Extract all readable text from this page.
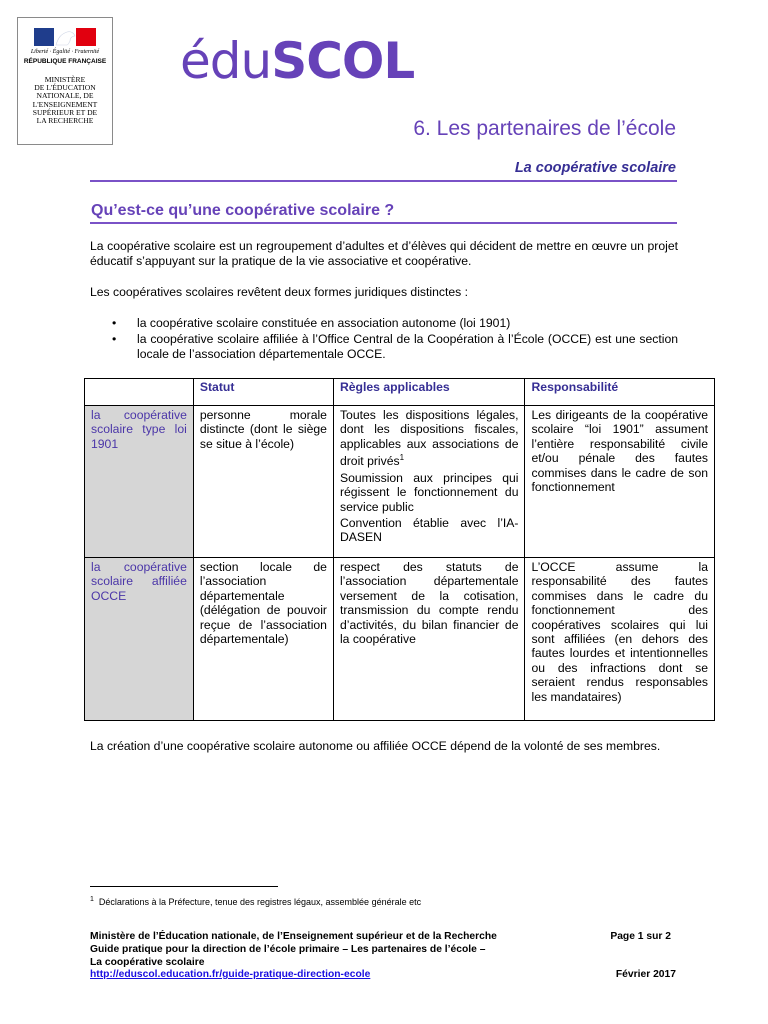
Liberté · Égalité · Fraternité
RÉPUBLIQUE FRANÇAISE
MINISTÈRE
DE L'ÉDUCATION
NATIONALE, DE
L'ENSEIGNEMENT
SUPÉRIEUR ET DE
LA RECHERCHE
éduSCOL
6. Les partenaires de l’école
La coopérative scolaire
Qu’est-ce qu’une coopérative scolaire ?
La coopérative scolaire est un regroupement d’adultes et d’élèves qui décident de mettre en œuvre un projet éducatif s’appuyant sur la pratique de la vie associative et coopérative.
Les coopératives scolaires revêtent deux formes juridiques distinctes :
• la coopérative scolaire constituée en association autonome (loi 1901)
• la coopérative scolaire affiliée à l’Office Central de la Coopération à l’École (OCCE) est une section locale de l’association départementale OCCE.
	Statut	Règles applicables	Responsabilité
la coopérative scolaire type loi 1901	personne morale distincte (dont le siège se situe à l’école)	Toutes les dispositions légales, dont les dispositions fiscales, applicables aux associations de droit privés$^1$

Soumission aux principes qui régissent le fonctionnement du service public

Convention établie avec l’IA-DASEN	Les dirigeants de la coopérative scolaire “loi 1901” assument l’entière responsabilité civile et/ou pénale des fautes commises dans le cadre de son fonctionnement
la coopérative scolaire affiliée OCCE	section locale de l’association départementale (délégation de pouvoir reçue de l’association départementale)	respect des statuts de l’association départementale versement de la cotisation, transmission du compte rendu d’activités, du bilan financier de la coopérative	L’OCCE assume la responsabilité des fautes commises dans le cadre du fonctionnement des coopératives scolaires qui lui sont affiliées (en dehors des fautes lourdes et intentionnelles ou des infractions dont se seraient rendus responsables les mandataires)
La création d’une coopérative scolaire autonome ou affiliée OCCE dépend de la volonté de ses membres.
$^1$ Déclarations à la Préfecture, tenue des registres légaux, assemblée générale etc
Ministère de l’Éducation nationale, de l’Enseignement supérieur et de la Recherche
Guide pratique pour la direction de l’école primaire – Les partenaires de l’école –
La coopérative scolaire
http://eduscol.education.fr/guide-pratique-direction-ecole
Page 1 sur 2
Février 2017
